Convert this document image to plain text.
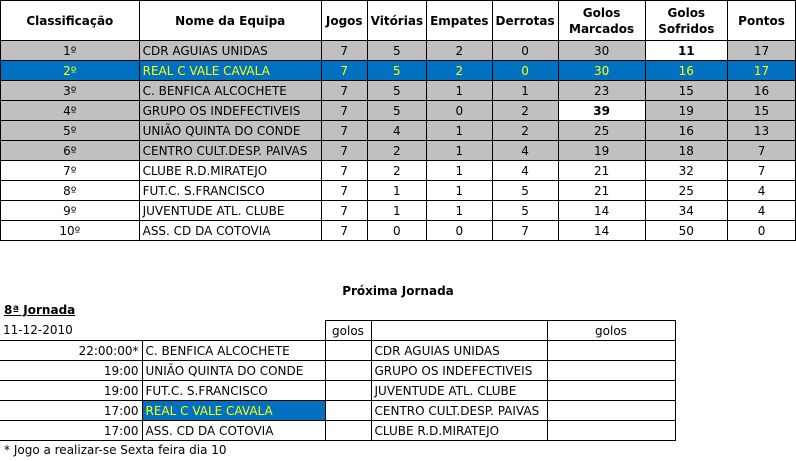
Classificação	Nome da Equipa	Jogos	Vitórias	Empates	Derrotas	Golos Marcados	Golos Sofridos	Pontos
1º	CDR AGUIAS UNIDAS	7	5	2	0	30	11	17
2º	REAL C VALE CAVALA	7	5	2	0	30	16	17
3º	C. BENFICA ALCOCHETE	7	5	1	1	23	15	16
4º	GRUPO OS INDEFECTIVEIS	7	5	0	2	39	19	15
5º	UNIÃO QUINTA DO CONDE	7	4	1	2	25	16	13
6º	CENTRO CULT.DESP. PAIVAS	7	2	1	4	19	18	7
7º	CLUBE R.D.MIRATEJO	7	2	1	4	21	32	7
8º	FUT.C. S.FRANCISCO	7	1	1	5	21	25	4
9º	JUVENTUDE ATL. CLUBE	7	1	1	5	14	34	4
10º	ASS. CD DA COTOVIA	7	0	0	7	14	50	0
Próxima Jornada
8ª Jornada
11-12-2010		golos		golos
22:00:00*	C. BENFICA ALCOCHETE		CDR AGUIAS UNIDAS	
19:00	UNIÃO QUINTA DO CONDE		GRUPO OS INDEFECTIVEIS	
19:00	FUT.C. S.FRANCISCO		JUVENTUDE ATL. CLUBE	
17:00	REAL C VALE CAVALA		CENTRO CULT.DESP. PAIVAS	
17:00	ASS. CD DA COTOVIA		CLUBE R.D.MIRATEJO	
* Jogo a realizar-se Sexta feira dia 10
